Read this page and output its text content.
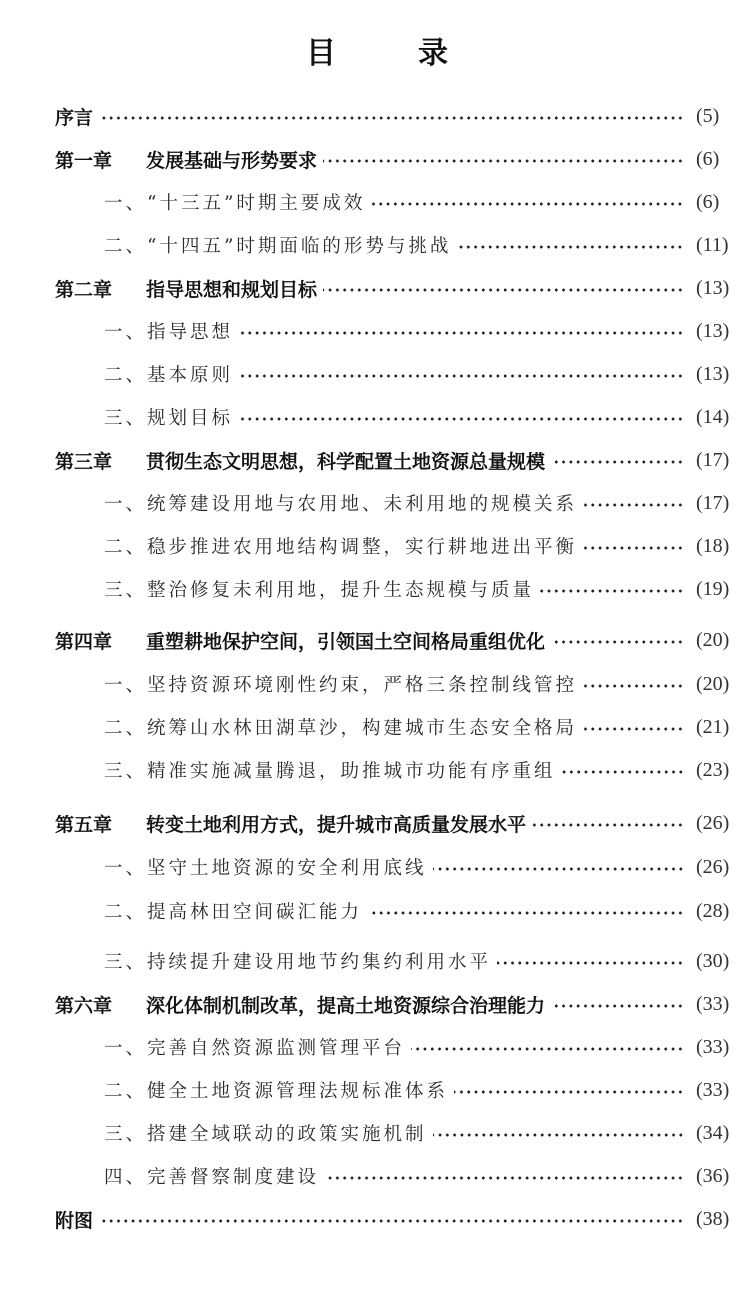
目　录
序言	(5)
第一章 发展基础与形势要求	(6)
一、“十三五”时期主要成效	(6)
二、“十四五”时期面临的形势与挑战	(11)
第二章 指导思想和规划目标	(13)
一、指导思想	(13)
二、基本原则	(13)
三、规划目标	(14)
第三章 贯彻生态文明思想，科学配置土地资源总量规模	(17)
一、统筹建设用地与农用地、未利用地的规模关系	(17)
二、稳步推进农用地结构调整，实行耕地进出平衡	(18)
三、整治修复未利用地，提升生态规模与质量	(19)
第四章 重塑耕地保护空间，引领国土空间格局重组优化	(20)
一、坚持资源环境刚性约束，严格三条控制线管控	(20)
二、统筹山水林田湖草沙，构建城市生态安全格局	(21)
三、精准实施减量腾退，助推城市功能有序重组	(23)
第五章 转变土地利用方式，提升城市高质量发展水平	(26)
一、坚守土地资源的安全利用底线	(26)
二、提高林田空间碳汇能力	(28)
三、持续提升建设用地节约集约利用水平	(30)
第六章 深化体制机制改革，提高土地资源综合治理能力	(33)
一、完善自然资源监测管理平台	(33)
二、健全土地资源管理法规标准体系	(33)
三、搭建全域联动的政策实施机制	(34)
四、完善督察制度建设	(36)
附图	(38)
